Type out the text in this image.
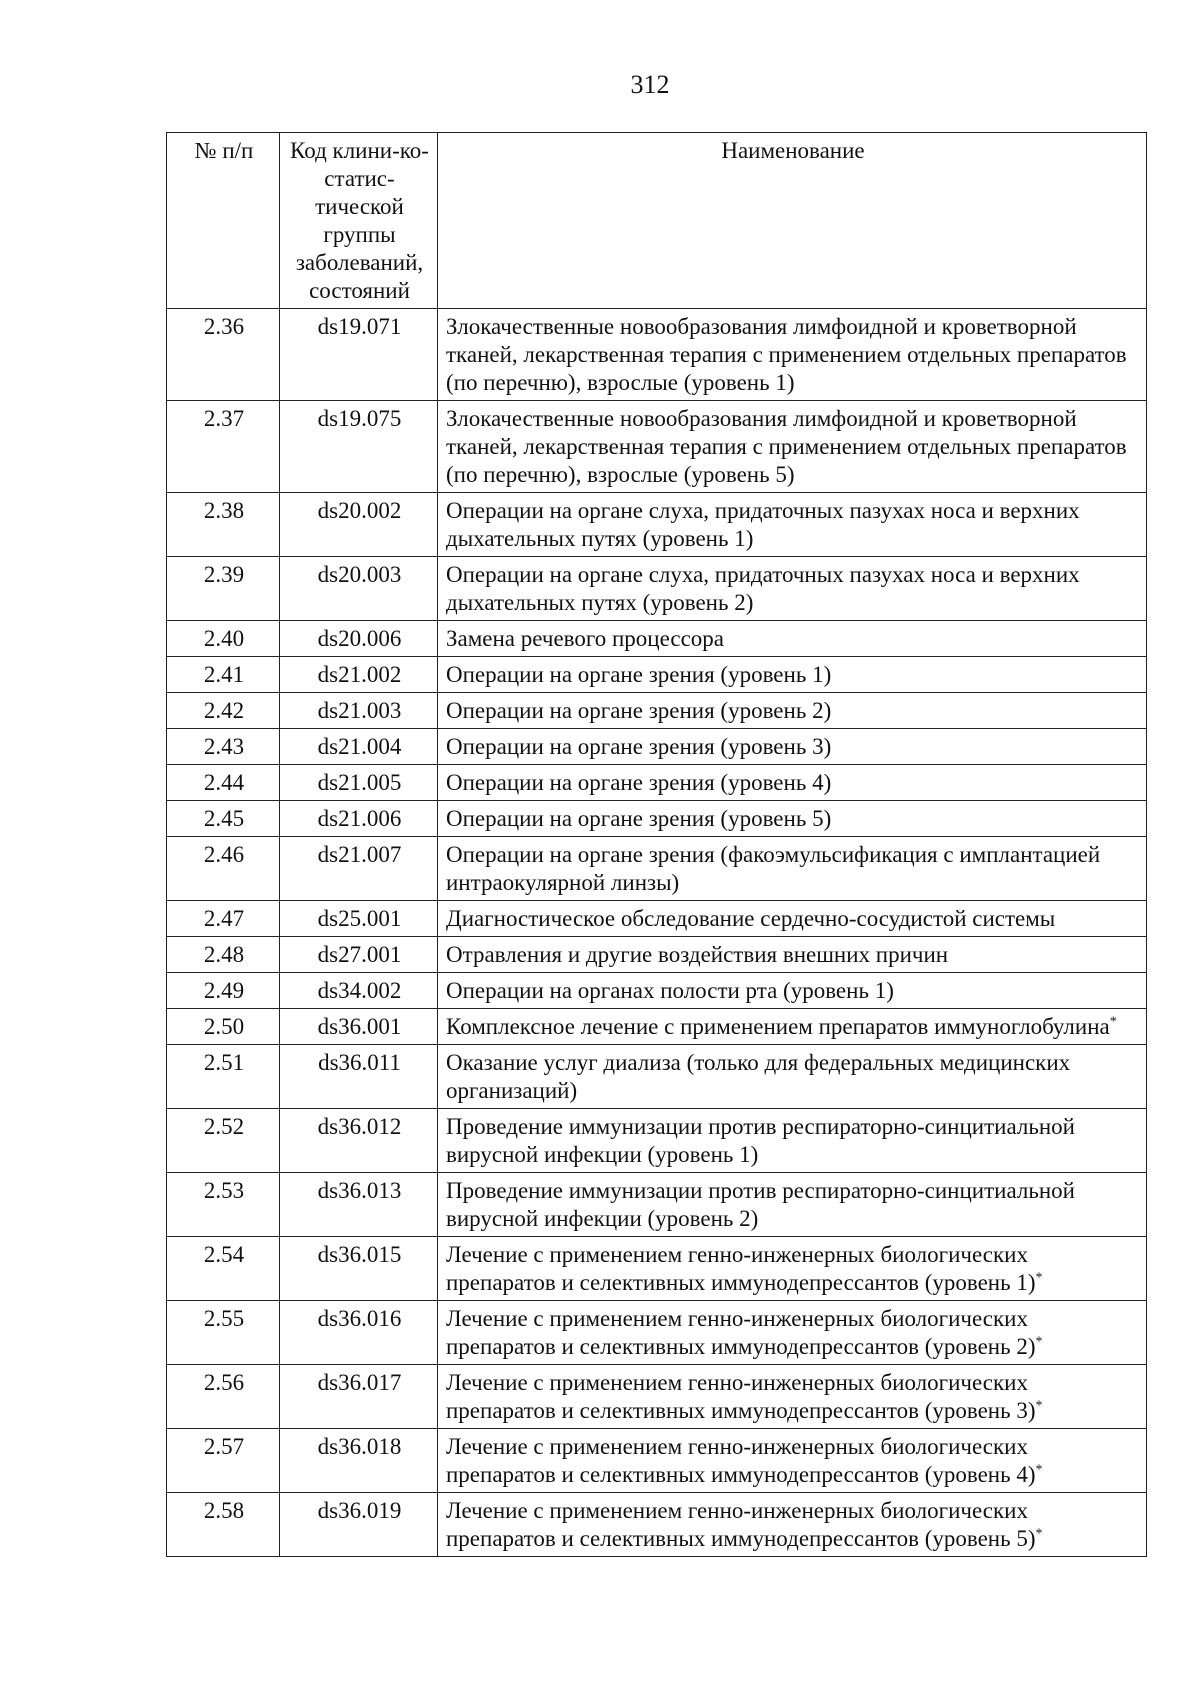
312
№ п/п	Код клини-ко-статис-тической группы заболеваний, состояний	Наименование
2.36	ds19.071	Злокачественные новообразования лимфоидной и кроветворной тканей, лекарственная терапия с применением отдельных препаратов (по перечню), взрослые (уровень 1)
2.37	ds19.075	Злокачественные новообразования лимфоидной и кроветворной тканей, лекарственная терапия с применением отдельных препаратов (по перечню), взрослые (уровень 5)
2.38	ds20.002	Операции на органе слуха, придаточных пазухах носа и верхних дыхательных путях (уровень 1)
2.39	ds20.003	Операции на органе слуха, придаточных пазухах носа и верхних дыхательных путях (уровень 2)
2.40	ds20.006	Замена речевого процессора
2.41	ds21.002	Операции на органе зрения (уровень 1)
2.42	ds21.003	Операции на органе зрения (уровень 2)
2.43	ds21.004	Операции на органе зрения (уровень 3)
2.44	ds21.005	Операции на органе зрения (уровень 4)
2.45	ds21.006	Операции на органе зрения (уровень 5)
2.46	ds21.007	Операции на органе зрения (факоэмульсификация с имплантацией интраокулярной линзы)
2.47	ds25.001	Диагностическое обследование сердечно-сосудистой системы
2.48	ds27.001	Отравления и другие воздействия внешних причин
2.49	ds34.002	Операции на органах полости рта (уровень 1)
2.50	ds36.001	Комплексное лечение с применением препаратов иммуноглобулина*
2.51	ds36.011	Оказание услуг диализа (только для федеральных медицинских организаций)
2.52	ds36.012	Проведение иммунизации против респираторно-синцитиальной вирусной инфекции (уровень 1)
2.53	ds36.013	Проведение иммунизации против респираторно-синцитиальной вирусной инфекции (уровень 2)
2.54	ds36.015	Лечение с применением генно-инженерных биологических препаратов и селективных иммунодепрессантов (уровень 1)*
2.55	ds36.016	Лечение с применением генно-инженерных биологических препаратов и селективных иммунодепрессантов (уровень 2)*
2.56	ds36.017	Лечение с применением генно-инженерных биологических препаратов и селективных иммунодепрессантов (уровень 3)*
2.57	ds36.018	Лечение с применением генно-инженерных биологических препаратов и селективных иммунодепрессантов (уровень 4)*
2.58	ds36.019	Лечение с применением генно-инженерных биологических препаратов и селективных иммунодепрессантов (уровень 5)*
